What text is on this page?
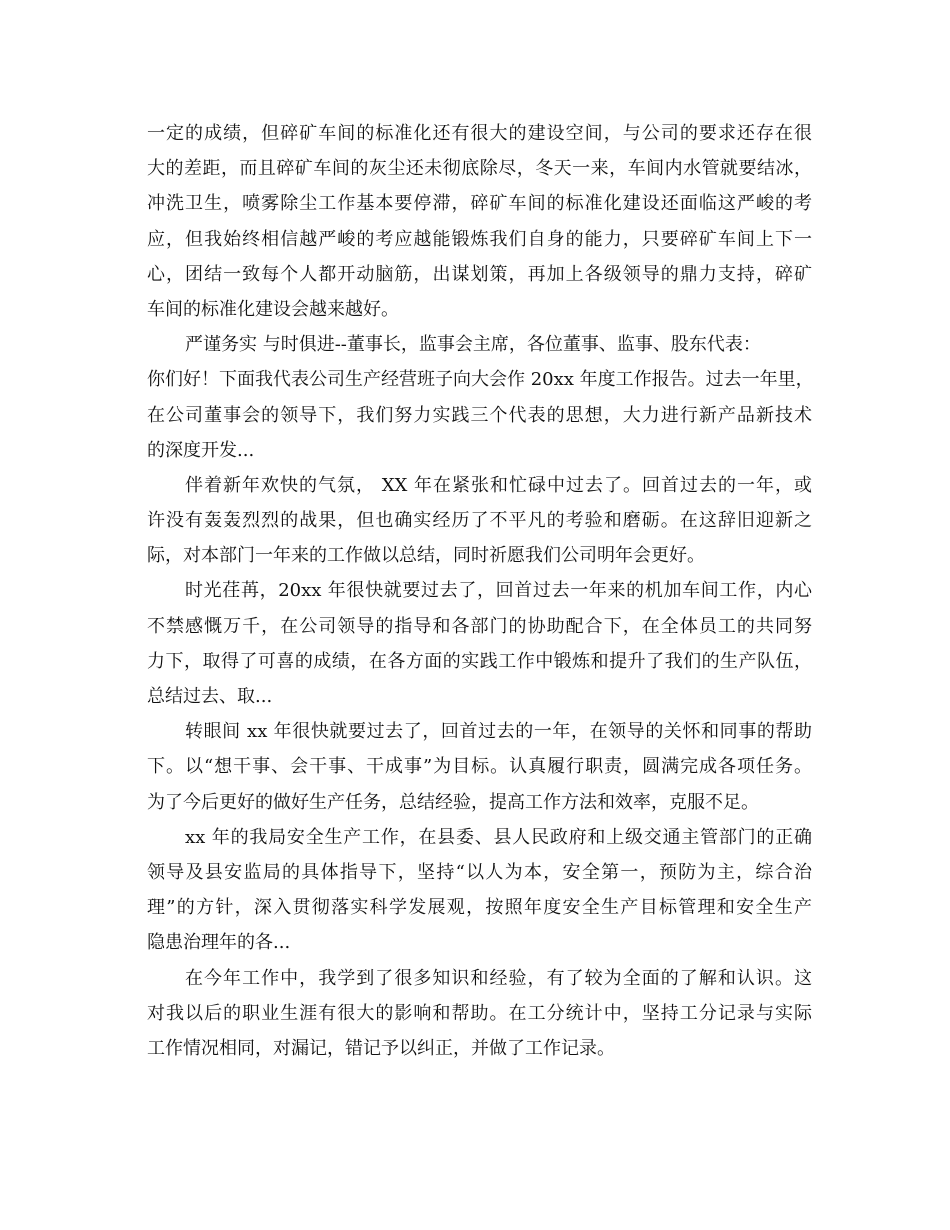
一定的成绩，但碎矿车间的标准化还有很大的建设空间，与公司的要求还存在很
大的差距，而且碎矿车间的灰尘还未彻底除尽，冬天一来，车间内水管就要结冰，
冲洗卫生，喷雾除尘工作基本要停滞，碎矿车间的标准化建设还面临这严峻的考
应，但我始终相信越严峻的考应越能锻炼我们自身的能力，只要碎矿车间上下一
心，团结一致每个人都开动脑筋，出谋划策，再加上各级领导的鼎力支持，碎矿
车间的标准化建设会越来越好。
严谨务实 与时俱进--董事长，监事会主席，各位董事、监事、股东代表：
你们好！下面我代表公司生产经营班子向大会作 20xx 年度工作报告。过去一年里，
在公司董事会的领导下，我们努力实践三个代表的思想，大力进行新产品新技术
的深度开发...
伴着新年欢快的气氛， XX 年在紧张和忙碌中过去了。回首过去的一年，或
许没有轰轰烈烈的战果，但也确实经历了不平凡的考验和磨砺。在这辞旧迎新之
际，对本部门一年来的工作做以总结，同时祈愿我们公司明年会更好。
时光荏苒，20xx 年很快就要过去了，回首过去一年来的机加车间工作，内心
不禁感慨万千，在公司领导的指导和各部门的协助配合下，在全体员工的共同努
力下，取得了可喜的成绩，在各方面的实践工作中锻炼和提升了我们的生产队伍，
总结过去、取...
转眼间 xx 年很快就要过去了，回首过去的一年，在领导的关怀和同事的帮助
下。以“想干事、会干事、干成事”为目标。认真履行职责，圆满完成各项任务。
为了今后更好的做好生产任务，总结经验，提高工作方法和效率，克服不足。
xx 年的我局安全生产工作，在县委、县人民政府和上级交通主管部门的正确
领导及县安监局的具体指导下，坚持“以人为本，安全第一，预防为主，综合治
理”的方针，深入贯彻落实科学发展观，按照年度安全生产目标管理和安全生产
隐患治理年的各...
在今年工作中，我学到了很多知识和经验，有了较为全面的了解和认识。这
对我以后的职业生涯有很大的影响和帮助。在工分统计中，坚持工分记录与实际
工作情况相同，对漏记，错记予以纠正，并做了工作记录。
